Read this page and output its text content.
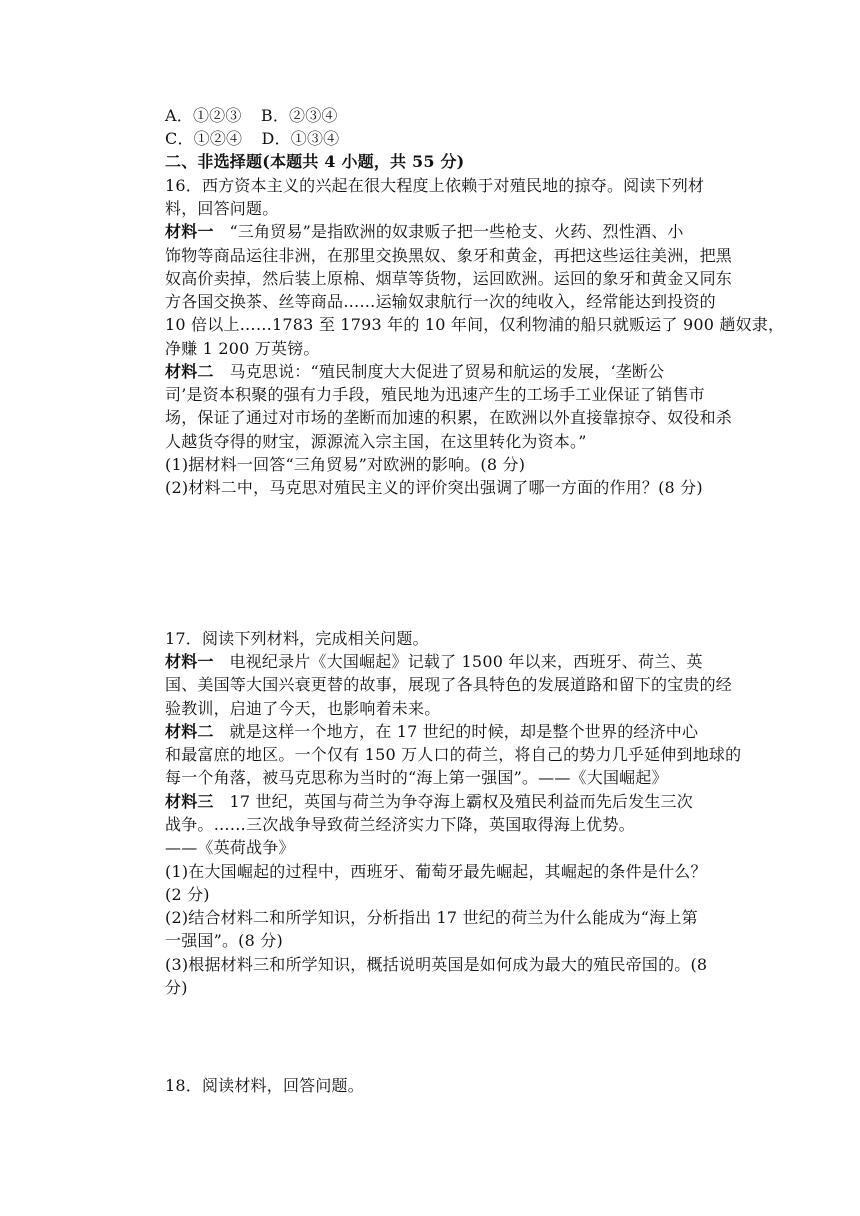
A．①②③ B．②③④
C．①②④ D．①③④
二、非选择题(本题共 4 小题，共 55 分)
16．西方资本主义的兴起在很大程度上依赖于对殖民地的掠夺。阅读下列材
料，回答问题。
材料一 “三角贸易”是指欧洲的奴隶贩子把一些枪支、火药、烈性酒、小
饰物等商品运往非洲，在那里交换黑奴、象牙和黄金，再把这些运往美洲，把黑
奴高价卖掉，然后装上原棉、烟草等货物，运回欧洲。运回的象牙和黄金又同东
方各国交换茶、丝等商品……运输奴隶航行一次的纯收入，经常能达到投资的
10 倍以上……1783 至 1793 年的 10 年间，仅利物浦的船只就贩运了 900 趟奴隶，
净赚 1 200 万英镑。
材料二 马克思说：“殖民制度大大促进了贸易和航运的发展，‘垄断公
司’是资本积聚的强有力手段，殖民地为迅速产生的工场手工业保证了销售市
场，保证了通过对市场的垄断而加速的积累，在欧洲以外直接靠掠夺、奴役和杀
人越货夺得的财宝，源源流入宗主国，在这里转化为资本。”
(1)据材料一回答“三角贸易”对欧洲的影响。(8 分)
(2)材料二中，马克思对殖民主义的评价突出强调了哪一方面的作用？(8 分)
17．阅读下列材料，完成相关问题。
材料一 电视纪录片《大国崛起》记载了 1500 年以来，西班牙、荷兰、英
国、美国等大国兴衰更替的故事，展现了各具特色的发展道路和留下的宝贵的经
验教训，启迪了今天，也影响着未来。
材料二 就是这样一个地方，在 17 世纪的时候，却是整个世界的经济中心
和最富庶的地区。一个仅有 150 万人口的荷兰，将自己的势力几乎延伸到地球的
每一个角落，被马克思称为当时的“海上第一强国”。——《大国崛起》
材料三 17 世纪，英国与荷兰为争夺海上霸权及殖民利益而先后发生三次
战争。……三次战争导致荷兰经济实力下降，英国取得海上优势。
——《英荷战争》
(1)在大国崛起的过程中，西班牙、葡萄牙最先崛起，其崛起的条件是什么？
(2 分)
(2)结合材料二和所学知识，分析指出 17 世纪的荷兰为什么能成为“海上第
一强国”。(8 分)
(3)根据材料三和所学知识，概括说明英国是如何成为最大的殖民帝国的。(8
分)
18．阅读材料，回答问题。
